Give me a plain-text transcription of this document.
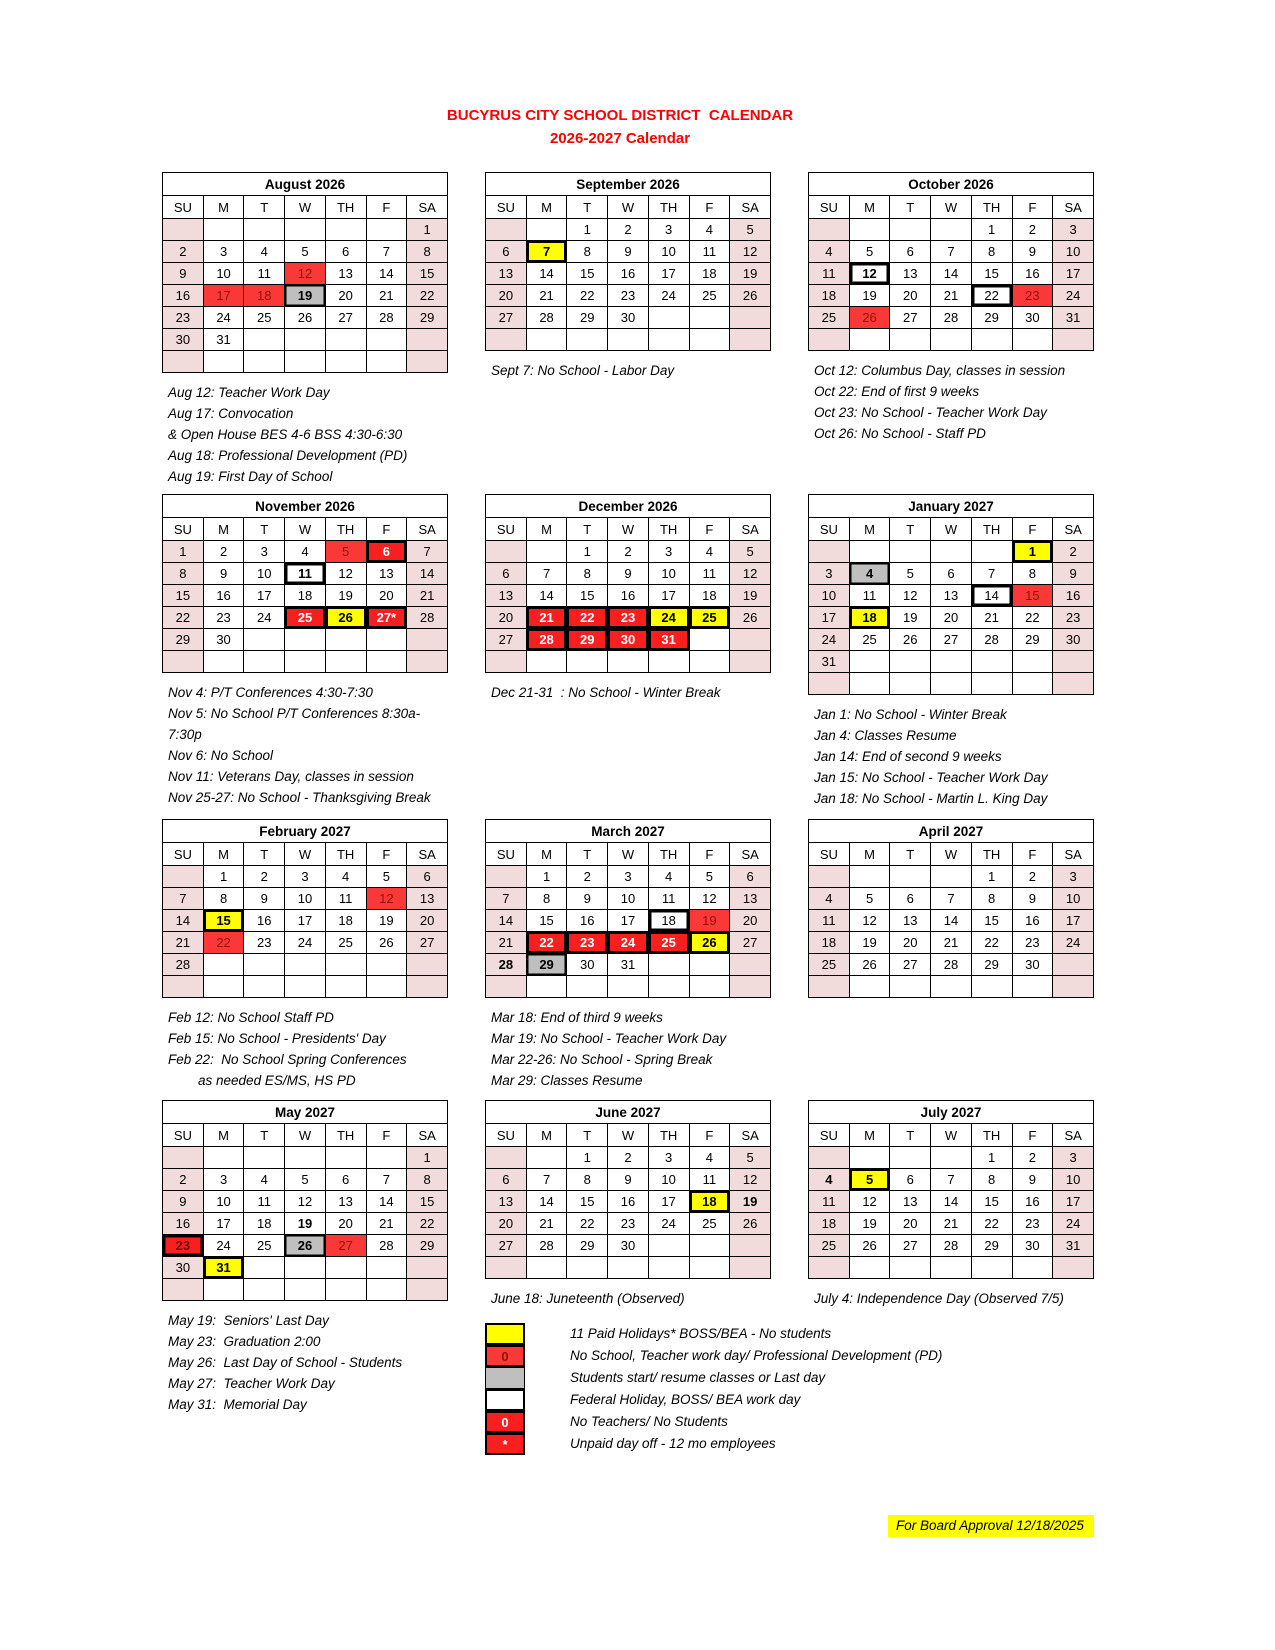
BUCYRUS CITY SCHOOL DISTRICT  CALENDAR
2026-2027 Calendar
August 2026						
SU	M	T	W	TH	F	SA
						1
2	3	4	5	6	7	8
9	10	11	12	13	14	15
16	17	18	19	20	21	22
23	24	25	26	27	28	29
30	31					

Aug 12: Teacher Work Day
Aug 17: Convocation
& Open House BES 4-6 BSS 4:30-6:30
Aug 18: Professional Development (PD)
Aug 19: First Day of School
September 2026						
SU	M	T	W	TH	F	SA
		1	2	3	4	5
6	7	8	9	10	11	12
13	14	15	16	17	18	19
20	21	22	23	24	25	26
27	28	29	30			

Sept 7: No School - Labor Day
October 2026						
SU	M	T	W	TH	F	SA
				1	2	3
4	5	6	7	8	9	10
11	12	13	14	15	16	17
18	19	20	21	22	23	24
25	26	27	28	29	30	31

Oct 12: Columbus Day, classes in session
Oct 22: End of first 9 weeks
Oct 23: No School - Teacher Work Day
Oct 26: No School - Staff PD
November 2026						
SU	M	T	W	TH	F	SA
1	2	3	4	5	6	7
8	9	10	11	12	13	14
15	16	17	18	19	20	21
22	23	24	25	26	27*	28
29	30					

Nov 4: P/T Conferences 4:30-7:30
Nov 5: No School P/T Conferences 8:30a-7:30p
Nov 6: No School
Nov 11: Veterans Day, classes in session
Nov 25-27: No School - Thanksgiving Break
December 2026						
SU	M	T	W	TH	F	SA
		1	2	3	4	5
6	7	8	9	10	11	12
13	14	15	16	17	18	19
20	21	22	23	24	25	26
27	28	29	30	31		

Dec 21-31  : No School - Winter Break
January 2027						
SU	M	T	W	TH	F	SA
					1	2
3	4	5	6	7	8	9
10	11	12	13	14	15	16
17	18	19	20	21	22	23
24	25	26	27	28	29	30
31						

Jan 1: No School - Winter Break
Jan 4: Classes Resume
Jan 14: End of second 9 weeks
Jan 15: No School - Teacher Work Day
Jan 18: No School - Martin L. King Day
February 2027						
SU	M	T	W	TH	F	SA
	1	2	3	4	5	6
7	8	9	10	11	12	13
14	15	16	17	18	19	20
21	22	23	24	25	26	27
28						

Feb 12: No School Staff PD
Feb 15: No School - Presidents' Day
Feb 22:  No School Spring Conferences
as needed ES/MS, HS PD
March 2027						
SU	M	T	W	TH	F	SA
	1	2	3	4	5	6
7	8	9	10	11	12	13
14	15	16	17	18	19	20
21	22	23	24	25	26	27
28	29	30	31			

Mar 18: End of third 9 weeks
Mar 19: No School - Teacher Work Day
Mar 22-26: No School - Spring Break
Mar 29: Classes Resume
April 2027						
SU	M	T	W	TH	F	SA
				1	2	3
4	5	6	7	8	9	10
11	12	13	14	15	16	17
18	19	20	21	22	23	24
25	26	27	28	29	30	

May 2027						
SU	M	T	W	TH	F	SA
						1
2	3	4	5	6	7	8
9	10	11	12	13	14	15
16	17	18	19	20	21	22
23	24	25	26	27	28	29
30	31					

May 19:  Seniors' Last Day
May 23:  Graduation 2:00
May 26:  Last Day of School - Students
May 27:  Teacher Work Day
May 31:  Memorial Day
June 2027						
SU	M	T	W	TH	F	SA
		1	2	3	4	5
6	7	8	9	10	11	12
13	14	15	16	17	18	19
20	21	22	23	24	25	26
27	28	29	30			

June 18: Juneteenth (Observed)
11 Paid Holidays* BOSS/BEA - No students
0	No School, Teacher work day/ Professional Development (PD)
Students start/ resume classes or Last day
Federal Holiday, BOSS/ BEA work day
0	No Teachers/ No Students
*	Unpaid day off - 12 mo employees
July 2027						
SU	M	T	W	TH	F	SA
				1	2	3
4	5	6	7	8	9	10
11	12	13	14	15	16	17
18	19	20	21	22	23	24
25	26	27	28	29	30	31

July 4: Independence Day (Observed 7/5)
For Board Approval 12/18/2025
